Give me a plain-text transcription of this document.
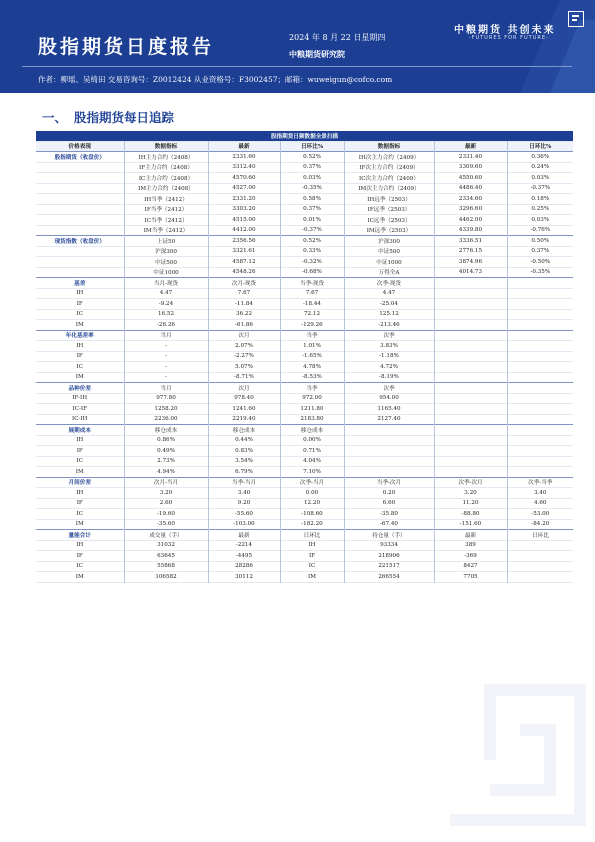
股指期货日度报告	2024 年 8 月 22 日星期四
中粮期货研究院
中粮期货 共创未来
·FUTURES FOR FUTURE·
作者：柳瑶、吴绮田 交易咨询号：Z0012424 从业资格号：F3002457；邮箱：wuweigun@cofco.com
一、 股指期货每日追踪
股指期货日频数据全景扫描						
价格表现	数据指标	最新	日环比%	数据指标	最新	日环比%
股指期货（收盘价）	IH主力合约（2408）	2331.60	0.52%	IH次主力合约（2409）	2331.40	0.36%
	IF主力合约（2408）	3312.40	0.37%	IF次主力合约（2409）	3309.60	0.24%
	IC主力合约（2408）	4570.60	0.03%	IC次主力合约（2409）	4550.60	0.03%
	IM主力合约（2408）	4527.00	-0.35%	IM次主力合约（2409）	4486.40	-0.37%
	IH当季（2412）	2331.20	0.58%	IH远季（2503）	2334.60	0.18%
	IF当季（2412）	3303.20	0.37%	IF远季（2503）	3296.60	0.25%
	IC当季（2412）	4515.00	0.01%	IC远季（2503）	4462.00	0.03%
	IM当季（2412）	4412.00	-0.37%	IM远季（2503）	4339.80	-0.76%
现货指数（收盘价）	上证50	2356.56	0.52%	沪深300	3336.51	0.50%
	沪深300	3321.61	0.33%	中证500	2776.15	0.37%
	中证500	4587.12	-0.32%	中证1000	3874.96	-0.50%
	中证1000	4548.26	-0.68%	万得全A	4014.73	-0.35%
基差	当月-现货	次月-现货	当季-现货	次季-现货		
IH	4.47	7.67	7.67	4.47		
IF	-9.24	-11.84	-18.44	-25.04		
IC	16.52	36.22	72.12	125.12		
IM	-26.26	-61.86	-129.26	-213.46		
年化基差率	当月	次月	当季	次季		
IH	-	2.07%	1.01%	3.83%		
IF	-	-2.27%	-1.65%	-1.18%		
IC	-	5.07%	4.78%	4.72%		
IM	-	-8.71%	-8.53%	-8.19%		
品种价差	当月	次月	当季	次季		
IF-IH	977.80	978.40	972.00	954.00		
IC-IF	1258.20	1241.60	1211.80	1165.40		
IC-IH	2236.00	2219.40	2183.80	2127.40		
展期成本	移仓成本	移仓成本	移仓成本			
IH	0.86%	0.44%	0.00%			
IF	0.49%	0.83%	0.71%			
IC	2.73%	3.54%	4.04%			
IM	4.94%	6.79%	7.10%			
月间价差	次月-当月	当季-当月	次季-当月	当季-次月	次季-次月	次季-当季
IH	3.20	3.40	0.00	0.20	3.20	3.40
IF	2.60	9.20	12.20	6.60	11.20	4.60
IC	-19.60	-55.60	-108.60	-35.80	-88.80	-53.00
IM	-35.60	-103.00	-182.20	-67.40	-151.60	-84.20
量能合计	成交量（手）	最新	日环比	持仓量（手）	最新	日环比
IH	31032	-2214	IH	93334	389	
IF	63645	-4495	IF	218906	-369	
IC	55868	28286	IC	221517	8427	
IM	106582	30112	IM	266554	7705	
